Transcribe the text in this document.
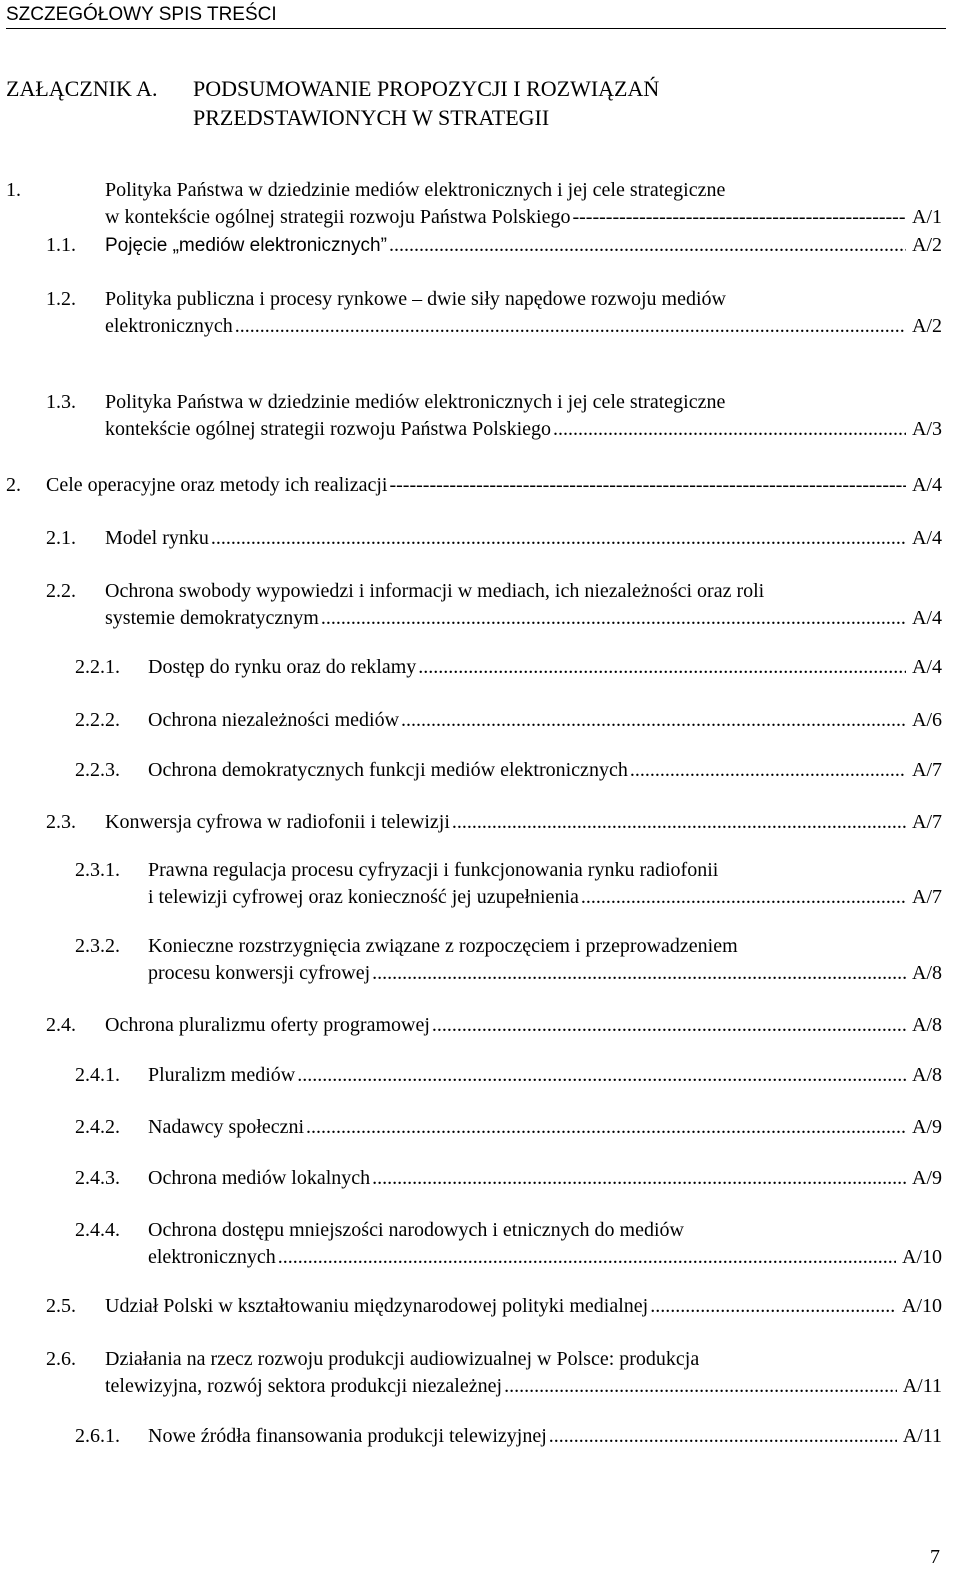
SZCZEGÓŁOWY SPIS TREŚCI
ZAŁĄCZNIK A. PODSUMOWANIE PROPOZYCJI I ROZWIĄZAŃ
PRZEDSTAWIONYCH W STRATEGII
1.	Polityka Państwa w dziedzinie mediów elektronicznych i jej cele strategiczne
w kontekście ogólnej strategii rozwoju Państwa Polskiego -----	A/1
1.1. Pojęcie „mediów elektronicznych” .....	A/2
1.2. Polityka publiczna i procesy rynkowe – dwie siły napędowe rozwoju mediów
elektronicznych .....	A/2
1.3. Polityka Państwa w dziedzinie mediów elektronicznych i jej cele strategiczne
kontekście ogólnej strategii rozwoju Państwa Polskiego .....	A/3
2. Cele operacyjne oraz metody ich realizacji -----	A/4
2.1. Model rynku .....	A/4
2.2. Ochrona swobody wypowiedzi i informacji w mediach, ich niezależności oraz roli
systemie demokratycznym .....	A/4
2.2.1. Dostęp do rynku oraz do reklamy .....	A/4
2.2.2. Ochrona niezależności mediów .....	A/6
2.2.3. Ochrona demokratycznych funkcji mediów elektronicznych .....	A/7
2.3. Konwersja cyfrowa w radiofonii i telewizji .....	A/7
2.3.1. Prawna regulacja procesu cyfryzacji i funkcjonowania rynku radiofonii
i telewizji cyfrowej oraz konieczność jej uzupełnienia .....	A/7
2.3.2. Konieczne rozstrzygnięcia związane z rozpoczęciem i przeprowadzeniem
procesu konwersji cyfrowej .....	A/8
2.4. Ochrona pluralizmu oferty programowej .....	A/8
2.4.1. Pluralizm mediów .....	A/8
2.4.2. Nadawcy społeczni .....	A/9
2.4.3. Ochrona mediów lokalnych .....	A/9
2.4.4. Ochrona dostępu mniejszości narodowych i etnicznych do mediów
elektronicznych .....	A/10
2.5. Udział Polski w kształtowaniu międzynarodowej polityki medialnej .....	A/10
2.6. Działania na rzecz rozwoju produkcji audiowizualnej w Polsce: produkcja
telewizyjna, rozwój sektora produkcji niezależnej .....	A/11
2.6.1. Nowe źródła finansowania produkcji telewizyjnej .....	A/11
7
